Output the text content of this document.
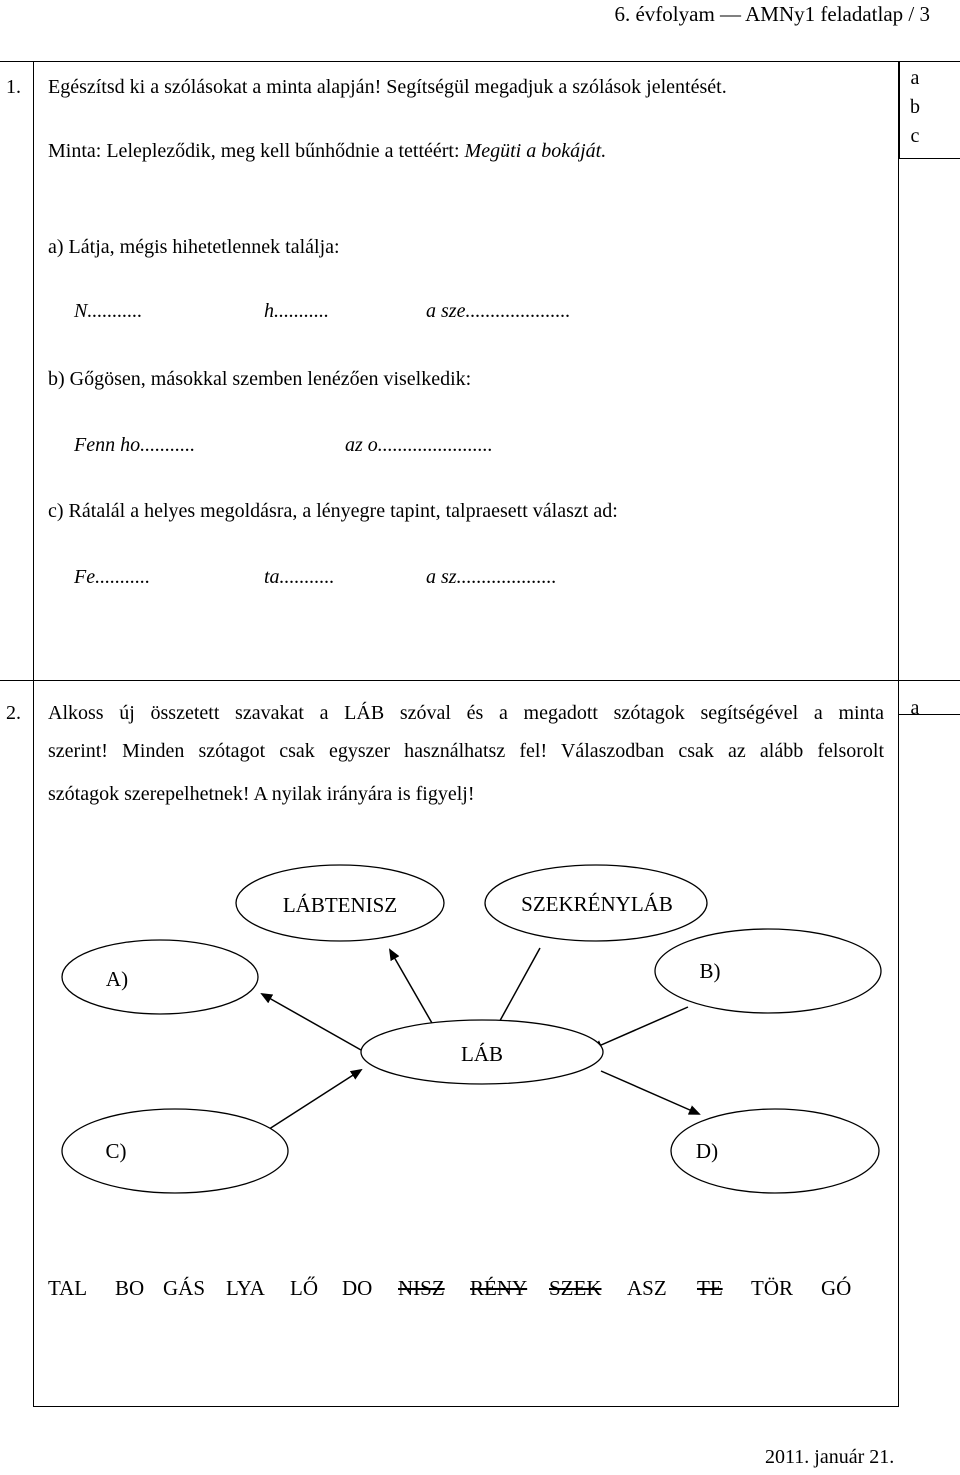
6. évfolyam — AMNy1 feladatlap / 3
1. Egészítsd ki a szólásokat a minta alapján! Segítségül megadjuk a szólások jelentését.
Minta: Lelepleződik, meg kell bűnhődnie a tettéért: Megüti a bokáját.
a
b
c
a) Látja, mégis hihetetlennek találja:
N...........	h...........	a sze.....................
b) Gőgösen, másokkal szemben lenézően viselkedik:
Fenn ho...........	az o.......................
c) Rátalál a helyes megoldásra, a lényegre tapint, talpraesett választ ad:
Fe...........	ta...........	a sz....................
2. Alkoss új összetett szavakat a LÁB szóval és a megadott szótagok segítségével a minta
szerint! Minden szótagot csak egyszer használhatsz fel! Válaszodban csak az alább felsorolt
szótagok szerepelhetnek! A nyilak irányára is figyelj!
a
LÁBTENISZ	SZEKRÉNYLÁB
A)	B)
LÁB
C)	D)
TAL BO GÁS LYA LŐ DO NISZ RÉNY SZEK ASZ TE TÖR GÓ
2011. január 21.
